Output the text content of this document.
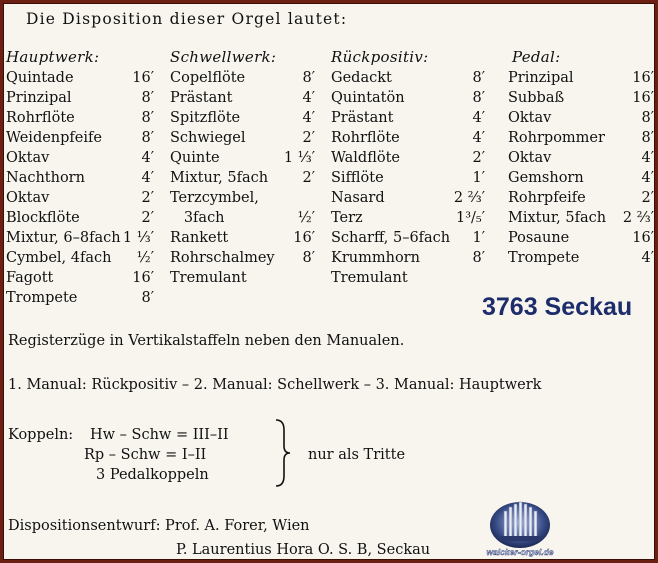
Die Disposition dieser Orgel lautet:
Hauptwerk:
Quintade	16′
Prinzipal	8′
Rohrflöte	8′
Weidenpfeife	8′
Oktav	4′
Nachthorn	4′
Oktav	2′
Blockflöte	2′
Mixtur, 6–8fach 1 ⅓′
Cymbel, 4fach ½′
Fagott	16′
Trompete	8′
Schwellwerk:
Copelflöte	8′
Prästant	4′
Spitzflöte	4′
Schwiegel	2′
Quinte	1 ⅓′
Mixtur, 5fach 2′
Terzcymbel,
3fach	½′
Rankett	16′
Rohrschalmey 8′
Tremulant
Rückpositiv:
Gedackt	8′
Quintatön	8′
Prästant	4′
Rohrflöte	4′
Waldflöte	2′
Sifflöte	1′
Nasard	2 ⅔′
Terz	1³/₅′
Scharff, 5–6fach 1′
Krummhorn	8′
Tremulant
Pedal:
Prinzipal	16′
Subbaß	16′
Oktav	8′
Rohrpommer	8′
Oktav	4′
Gemshorn	4′
Rohrpfeife	2′
Mixtur, 5fach 2 ⅔′
Posaune	16′
Trompete	4′
3763 Seckau
Registerzüge in Vertikalstaffeln neben den Manualen.
1. Manual: Rückpositiv – 2. Manual: Schellwerk – 3. Manual: Hauptwerk
Koppeln: Hw – Schw = III–II
Rp – Schw = I–II
3 Pedalkoppeln
nur als Tritte
Dispositionsentwurf: Prof. A. Forer, Wien
P. Laurentius Hora O. S. B, Seckau	walcker-orgel.de
